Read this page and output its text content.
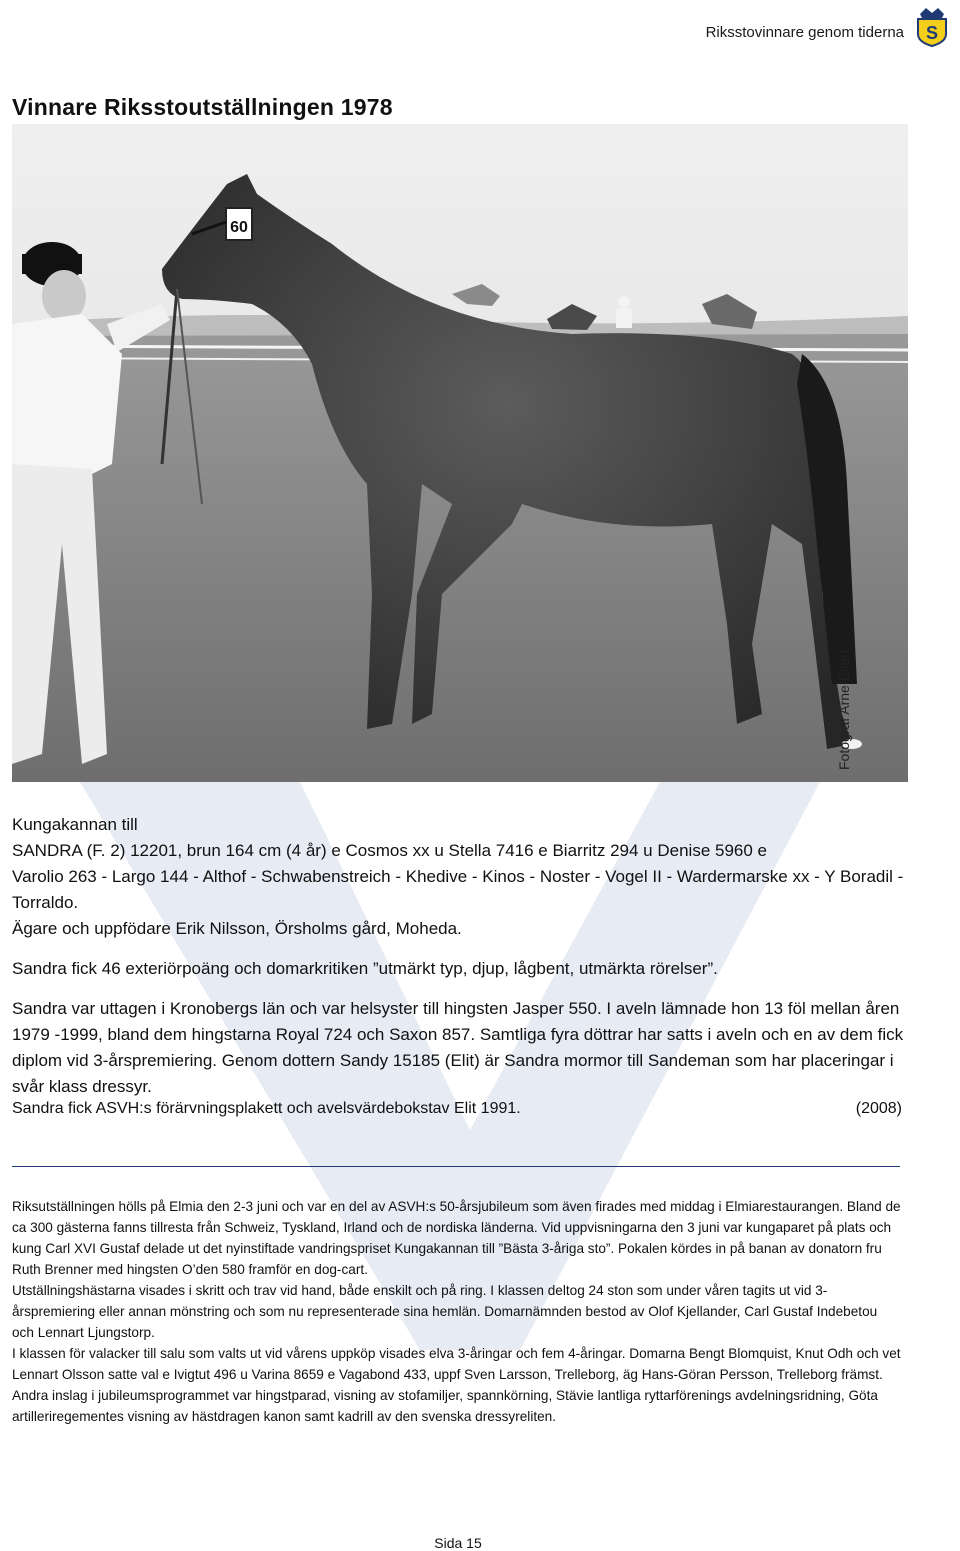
Riksstovinnare genom tiderna S
Vinnare Riksstoutställningen 1978
60
Fotograf Arne Eilert

Kungakannan till

SANDRA (F. 2) 12201, brun 164 cm (4 år) e Cosmos xx u Stella 7416 e Biarritz 294 u Denise 5960 e

Varolio 263 - Largo 144 - Althof - Schwabenstreich - Khedive - Kinos - Noster - Vogel II - Wardermarske xx - Y Boradil - Torraldo.

Ägare och uppfödare Erik Nilsson, Örsholms gård, Moheda.

Sandra fick 46 exteriörpoäng och domarkritiken ”utmärkt typ, djup, lågbent, utmärkta rörelser”.

Sandra var uttagen i Kronobergs län och var helsyster till hingsten Jasper 550. I aveln lämnade hon 13 föl mellan åren 1979 -1999, bland dem hingstarna Royal 724 och Saxon 857. Samtliga fyra döttrar har satts i aveln och en av dem fick diplom vid 3-årspremiering. Genom dottern Sandy 15185 (Elit) är Sandra mormor till Sandeman som har placeringar i svår klass dressyr.

Sandra fick ASVH:s förärvningsplakett och avelsvärdebokstav Elit 1991.	(2008)

Riksutställningen hölls på Elmia den 2-3 juni och var en del av ASVH:s 50-årsjubileum som även firades med middag i Elmiarestaurangen. Bland de ca 300 gästerna fanns tillresta från Schweiz, Tyskland, Irland och de nordiska länderna. Vid uppvisningarna den 3 juni var kungaparet på plats och kung Carl XVI Gustaf delade ut det nyinstiftade vandringspriset Kungakannan till ”Bästa 3-åriga sto”. Pokalen kördes in på banan av donatorn fru Ruth Brenner med hingsten O’den 580 framför en dog-cart.

Utställningshästarna visades i skritt och trav vid hand, både enskilt och på ring. I klassen deltog 24 ston som under våren tagits ut vid 3-årspremiering eller annan mönstring och som nu representerade sina hemlän. Domarnämnden bestod av Olof Kjellander, Carl Gustaf Indebetou och Lennart Ljungstorp.

I klassen för valacker till salu som valts ut vid vårens uppköp visades elva 3-åringar och fem 4-åringar. Domarna Bengt Blomquist, Knut Odh och vet Lennart Olsson satte val e Ivigtut 496 u Varina 8659 e Vagabond 433, uppf Sven Larsson, Trelleborg, äg Hans-Göran Persson, Trelleborg främst.

Andra inslag i jubileumsprogrammet var hingstparad, visning av stofamiljer, spannkörning, Stävie lantliga ryttarförenings avdelningsridning, Göta artilleriregementes visning av hästdragen kanon samt kadrill av den svenska dressyreliten.

Sida 15
